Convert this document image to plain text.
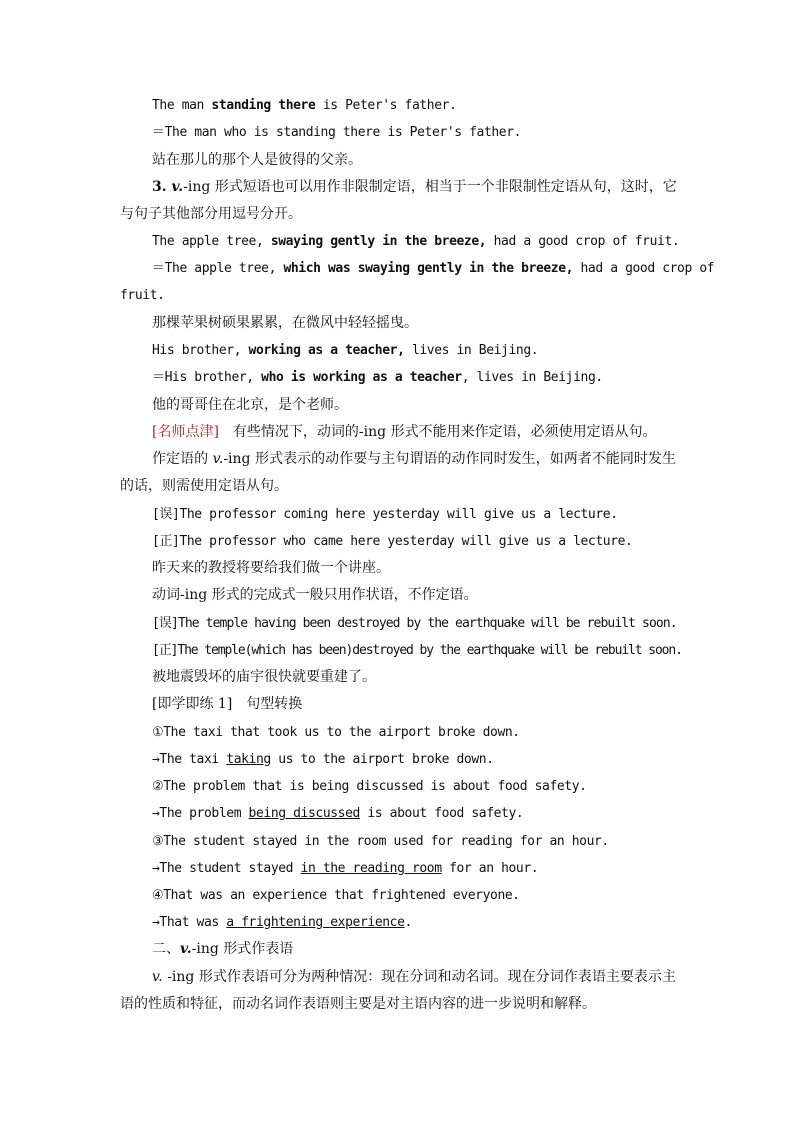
The man standing there is Peter's father.
＝The man who is standing there is Peter's father.
站在那儿的那个人是彼得的父亲。
3. v.-ing 形式短语也可以用作非限制定语，相当于一个非限制性定语从句，这时，它
与句子其他部分用逗号分开。
The apple tree, swaying gently in the breeze, had a good crop of fruit.
＝The apple tree, which was swaying gently in the breeze, had a good crop of
fruit.
那棵苹果树硕果累累，在微风中轻轻摇曳。
His brother, working as a teacher, lives in Beijing.
＝His brother, who is working as a teacher, lives in Beijing.
他的哥哥住在北京，是个老师。
[名师点津]　有些情况下，动词的-ing 形式不能用来作定语，必须使用定语从句。
作定语的 v.-ing 形式表示的动作要与主句谓语的动作同时发生，如两者不能同时发生
的话，则需使用定语从句。
[误]The professor coming here yesterday will give us a lecture.
[正]The professor who came here yesterday will give us a lecture.
昨天来的教授将要给我们做一个讲座。
动词-ing 形式的完成式一般只用作状语，不作定语。
[误]The temple having been destroyed by the earthquake will be rebuilt soon.
[正]The temple(which has been)destroyed by the earthquake will be rebuilt soon.
被地震毁坏的庙宇很快就要重建了。
[即学即练 1]　句型转换
①The taxi that took us to the airport broke down.
→The taxi taking us to the airport broke down.
②The problem that is being discussed is about food safety.
→The problem being discussed is about food safety.
③The student stayed in the room used for reading for an hour.
→The student stayed in the reading room for an hour.
④That was an experience that frightened everyone.
→That was a frightening experience.
二、v.-ing 形式作表语
v. -ing 形式作表语可分为两种情况：现在分词和动名词。现在分词作表语主要表示主
语的性质和特征，而动名词作表语则主要是对主语内容的进一步说明和解释。
